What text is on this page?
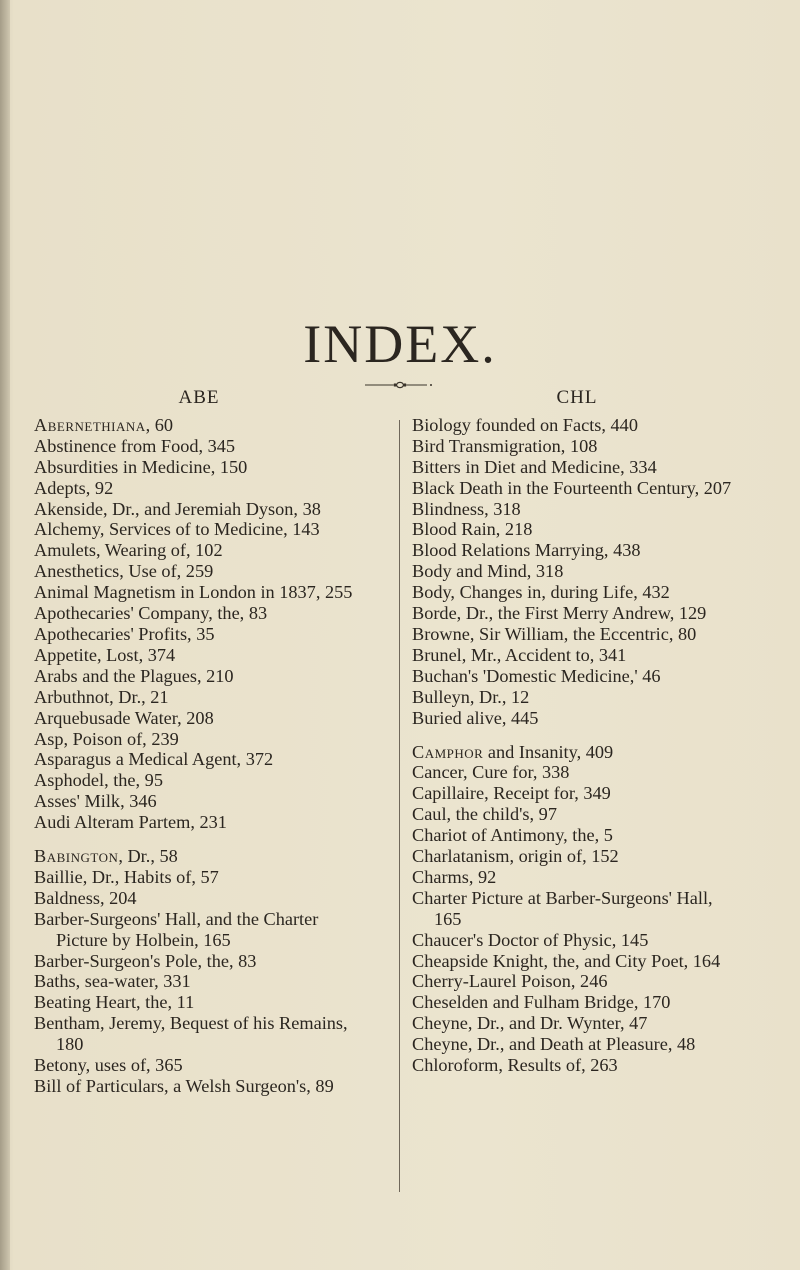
INDEX.
ABE

Abernethiana, 60

Abstinence from Food, 345

Absurdities in Medicine, 150

Adepts, 92

Akenside, Dr., and Jeremiah Dyson, 38

Alchemy, Services of to Medicine, 143

Amulets, Wearing of, 102

Anesthetics, Use of, 259

Animal Magnetism in London in 1837, 255

Apothecaries' Company, the, 83

Apothecaries' Profits, 35

Appetite, Lost, 374

Arabs and the Plagues, 210

Arbuthnot, Dr., 21

Arquebusade Water, 208

Asp, Poison of, 239

Asparagus a Medical Agent, 372

Asphodel, the, 95

Asses' Milk, 346

Audi Alteram Partem, 231

Babington, Dr., 58

Baillie, Dr., Habits of, 57

Baldness, 204

Barber-Surgeons' Hall, and the Charter Picture by Holbein, 165

Barber-Surgeon's Pole, the, 83

Baths, sea-water, 331

Beating Heart, the, 11

Bentham, Jeremy, Bequest of his Remains, 180

Betony, uses of, 365

Bill of Particulars, a Welsh Surgeon's, 89

CHL

Biology founded on Facts, 440

Bird Transmigration, 108

Bitters in Diet and Medicine, 334

Black Death in the Fourteenth Century, 207

Blindness, 318

Blood Rain, 218

Blood Relations Marrying, 438

Body and Mind, 318

Body, Changes in, during Life, 432

Borde, Dr., the First Merry Andrew, 129

Browne, Sir William, the Eccentric, 80

Brunel, Mr., Accident to, 341

Buchan's 'Domestic Medicine,' 46

Bulleyn, Dr., 12

Buried alive, 445

Camphor and Insanity, 409

Cancer, Cure for, 338

Capillaire, Receipt for, 349

Caul, the child's, 97

Chariot of Antimony, the, 5

Charlatanism, origin of, 152

Charms, 92

Charter Picture at Barber-Surgeons' Hall, 165

Chaucer's Doctor of Physic, 145

Cheapside Knight, the, and City Poet, 164

Cherry-Laurel Poison, 246

Cheselden and Fulham Bridge, 170

Cheyne, Dr., and Dr. Wynter, 47

Cheyne, Dr., and Death at Pleasure, 48

Chloroform, Results of, 263
